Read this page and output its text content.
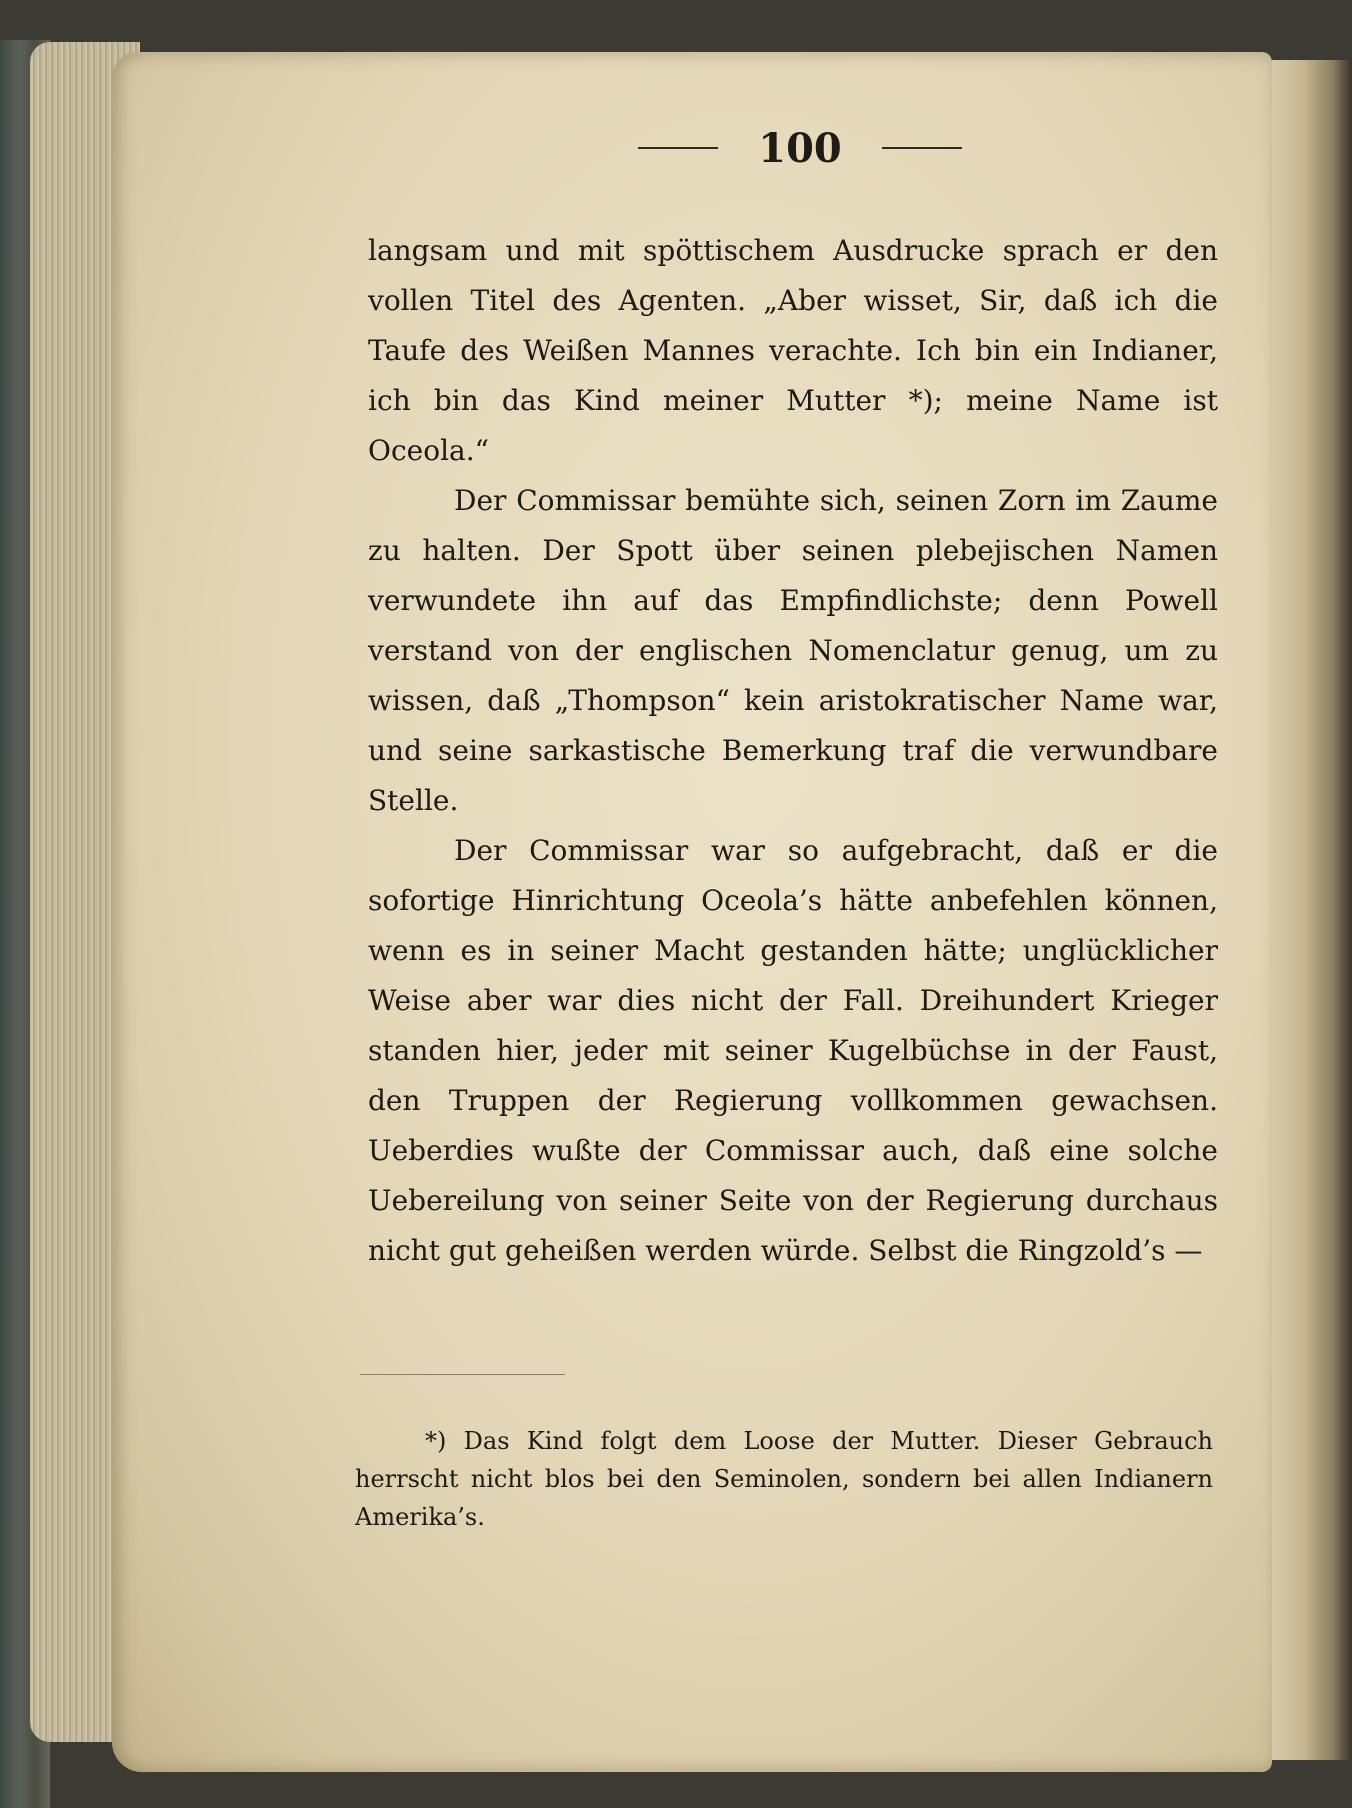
100

langsam und mit spöttischem Ausdrucke sprach er den vollen Titel des Agenten. „Aber wisset, Sir, daß ich die Taufe des Weißen Mannes verachte. Ich bin ein Indianer, ich bin das Kind meiner Mutter *); meine Name ist Oceola.“

Der Commissar bemühte sich, seinen Zorn im Zaume zu halten. Der Spott über seinen plebejischen Namen verwundete ihn auf das Empfindlichste; denn Powell verstand von der englischen Nomenclatur genug, um zu wissen, daß „Thompson“ kein aristokratischer Name war, und seine sarkastische Bemerkung traf die verwundbare Stelle.

Der Commissar war so aufgebracht, daß er die sofortige Hinrichtung Oceola’s hätte anbefehlen können, wenn es in seiner Macht gestanden hätte; unglücklicher Weise aber war dies nicht der Fall. Dreihundert Krieger standen hier, jeder mit seiner Kugelbüchse in der Faust, den Truppen der Regierung vollkommen gewachsen. Ueberdies wußte der Commissar auch, daß eine solche Uebereilung von seiner Seite von der Regierung durchaus nicht gut geheißen werden würde. Selbst die Ringzold’s —

*) Das Kind folgt dem Loose der Mutter. Dieser Gebrauch herrscht nicht blos bei den Seminolen, sondern bei allen Indianern Amerika’s.
